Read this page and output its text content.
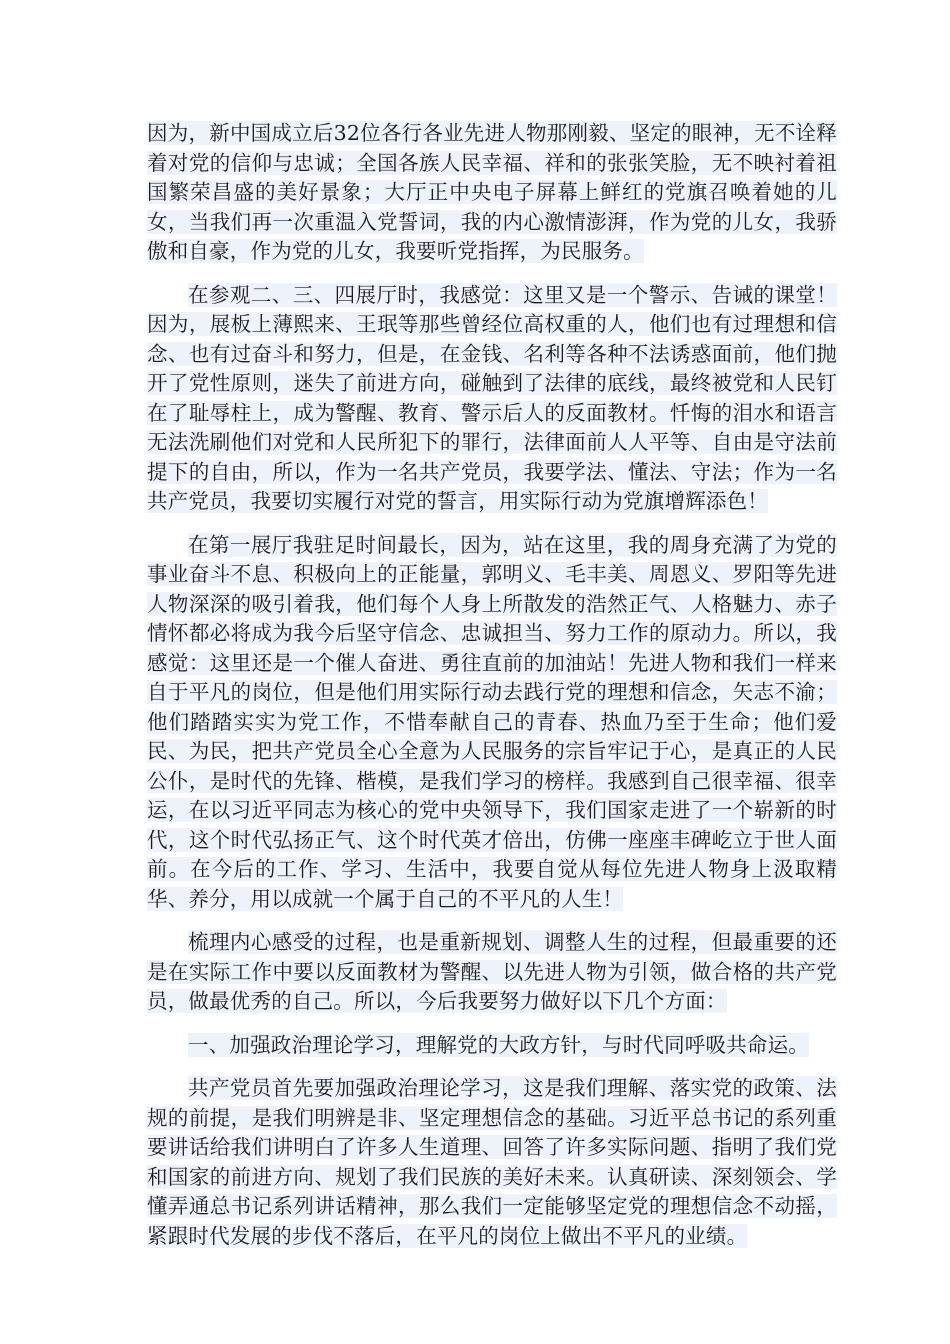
因为，新中国成立后32位各行各业先进人物那刚毅、坚定的眼神，无不诠释着对党的信仰与忠诚；全国各族人民幸福、祥和的张张笑脸，无不映衬着祖国繁荣昌盛的美好景象；大厅正中央电子屏幕上鲜红的党旗召唤着她的儿女，当我们再一次重温入党誓词，我的内心激情澎湃，作为党的儿女，我骄傲和自豪，作为党的儿女，我要听党指挥，为民服务。

在参观二、三、四展厅时，我感觉：这里又是一个警示、告诫的课堂！因为，展板上薄熙来、王珉等那些曾经位高权重的人，他们也有过理想和信念、也有过奋斗和努力，但是，在金钱、名利等各种不法诱惑面前，他们抛开了党性原则，迷失了前进方向，碰触到了法律的底线，最终被党和人民钉在了耻辱柱上，成为警醒、教育、警示后人的反面教材。忏悔的泪水和语言无法洗刷他们对党和人民所犯下的罪行，法律面前人人平等、自由是守法前提下的自由，所以，作为一名共产党员，我要学法、懂法、守法；作为一名共产党员，我要切实履行对党的誓言，用实际行动为党旗增辉添色！

在第一展厅我驻足时间最长，因为，站在这里，我的周身充满了为党的事业奋斗不息、积极向上的正能量，郭明义、毛丰美、周恩义、罗阳等先进人物深深的吸引着我，他们每个人身上所散发的浩然正气、人格魅力、赤子情怀都必将成为我今后坚守信念、忠诚担当、努力工作的原动力。所以，我感觉：这里还是一个催人奋进、勇往直前的加油站！先进人物和我们一样来自于平凡的岗位，但是他们用实际行动去践行党的理想和信念，矢志不渝；他们踏踏实实为党工作，不惜奉献自己的青春、热血乃至于生命；他们爱民、为民，把共产党员全心全意为人民服务的宗旨牢记于心，是真正的人民公仆，是时代的先锋、楷模，是我们学习的榜样。我感到自己很幸福、很幸运，在以习近平同志为核心的党中央领导下，我们国家走进了一个崭新的时代，这个时代弘扬正气、这个时代英才倍出，仿佛一座座丰碑屹立于世人面前。在今后的工作、学习、生活中，我要自觉从每位先进人物身上汲取精华、养分，用以成就一个属于自己的不平凡的人生！

梳理内心感受的过程，也是重新规划、调整人生的过程，但最重要的还是在实际工作中要以反面教材为警醒、以先进人物为引领，做合格的共产党员，做最优秀的自己。所以，今后我要努力做好以下几个方面：

一、加强政治理论学习，理解党的大政方针，与时代同呼吸共命运。

共产党员首先要加强政治理论学习，这是我们理解、落实党的政策、法规的前提，是我们明辨是非、坚定理想信念的基础。习近平总书记的系列重要讲话给我们讲明白了许多人生道理、回答了许多实际问题、指明了我们党和国家的前进方向、规划了我们民族的美好未来。认真研读、深刻领会、学懂弄通总书记系列讲话精神，那么我们一定能够坚定党的理想信念不动摇，紧跟时代发展的步伐不落后，在平凡的岗位上做出不平凡的业绩。
